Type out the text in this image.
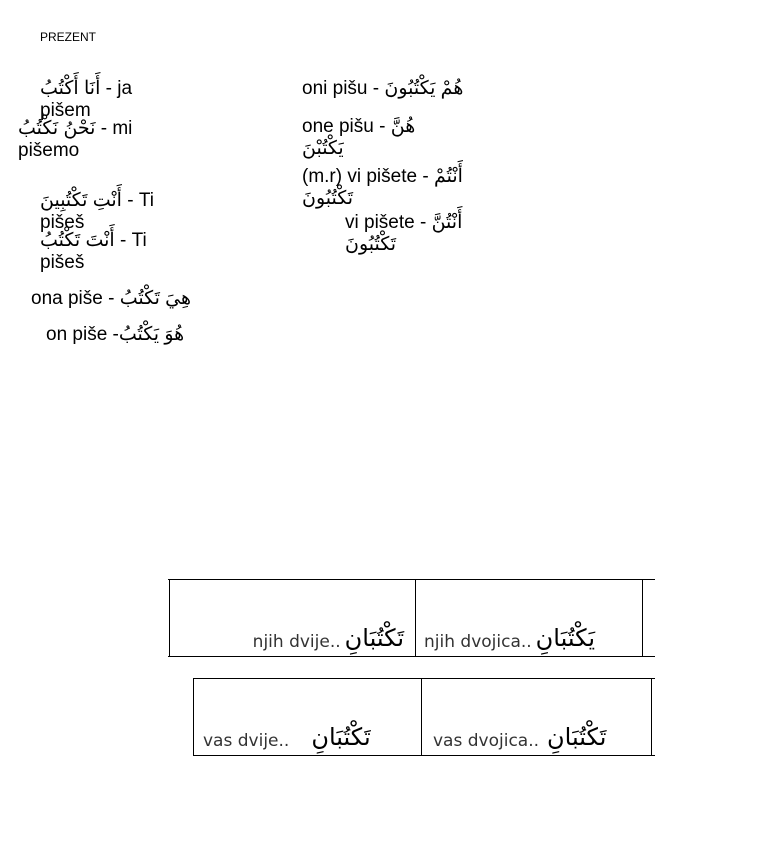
PREZENT
أَنَا أَكْتُبُ - ja pišem
نَحْنُ نَكْتُبُ - mi pišemo
أَنْتِ تَكْتُبِينَ - Ti pišeš
أَنْتَ تَكْتُبُ - Ti pišeš
ona piše - هِيَ تَكْتُبُ
on piše -هُوَ يَكْتُبُ
oni pišu - هُمْ يَكْتُبُونَ
one pišu - هُنَّ يَكْتُبْنَ
(m.r) vi pišete - أَنْتُمْ تَكْتُبُونَ
vi pišete - أَنْتُنَّ تَكْتُبُونَ
njih dvije.. تَكْتُبَانِ njih dvojica.. يَكْتُبَانِ
vas dvije.. تَكْتُبَانِ	vas dvojica.. تَكْتُبَانِ
